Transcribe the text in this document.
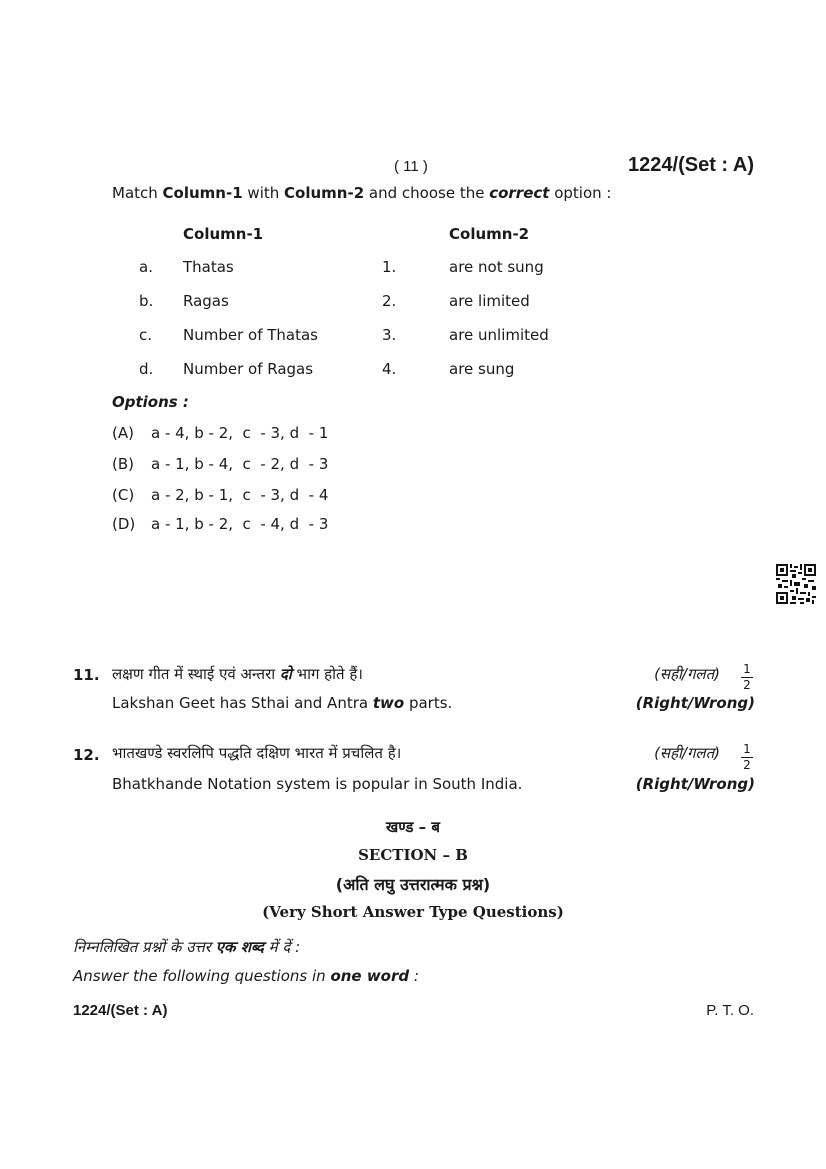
( 11 )	1224/(Set : A)
Match Column-1 with Column-2 and choose the correct option :
Column-1	Column-2
a. Thatas	1.	are not sung
b. Ragas	2.	are limited
c. Number of Thatas	3.	are unlimited
d. Number of Ragas	4.	are sung
Options :
(A) a - 4, b - 2,  c  - 3, d  - 1
(B) a - 1, b - 4,  c  - 2, d  - 3
(C) a - 2, b - 1,  c  - 3, d  - 4
(D) a - 1, b - 2,  c  - 4, d  - 3
11. लक्षण गीत में स्थाई एवं अन्तरा दो भाग होते हैं।	(सही/गलत) 1
2
Lakshan Geet has Sthai and Antra two parts.	(Right/Wrong)
12. भातखण्डे स्वरलिपि पद्धति दक्षिण भारत में प्रचलित है।	(सही/गलत) 1
2
Bhatkhande Notation system is popular in South India.	(Right/Wrong)
खण्ड – ब
SECTION – B
(अति लघु उत्तरात्मक प्रश्न)
(Very Short Answer Type Questions)
निम्नलिखित प्रश्नों के उत्तर एक शब्द में दें :
Answer the following questions in one word :
1224/(Set : A)	P. T. O.
